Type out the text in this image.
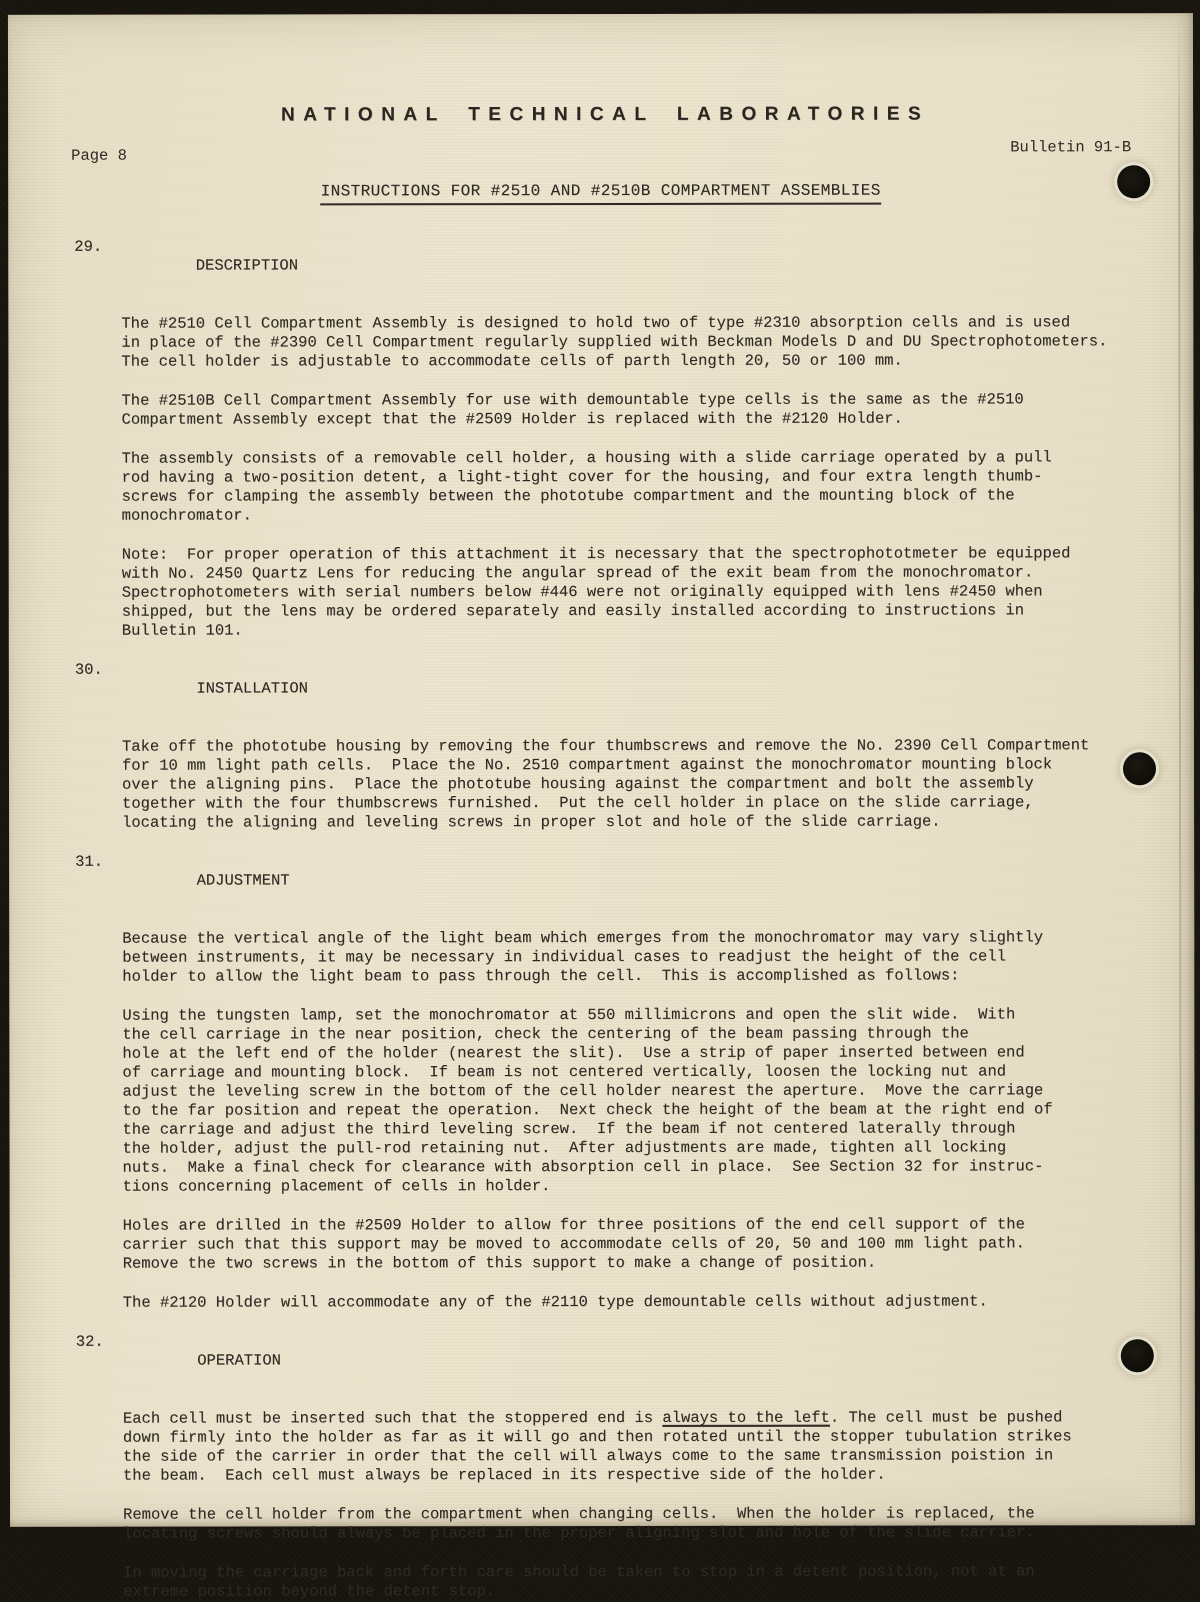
NATIONAL TECHNICAL LABORATORIES
Page 8	Bulletin 91-B
INSTRUCTIONS FOR #2510 AND #2510B COMPARTMENT ASSEMBLIES

29.
DESCRIPTION

The #2510 Cell Compartment Assembly is designed to hold two of type #2310 absorption cells and is used
in place of the #2390 Cell Compartment regularly supplied with Beckman Models D and DU Spectrophotometers.
The cell holder is adjustable to accommodate cells of parth length 20, 50 or 100 mm.

The #2510B Cell Compartment Assembly for use with demountable type cells is the same as the #2510
Compartment Assembly except that the #2509 Holder is replaced with the #2120 Holder.

The assembly consists of a removable cell holder, a housing with a slide carriage operated by a pull
rod having a two-position detent, a light-tight cover for the housing, and four extra length thumb-
screws for clamping the assembly between the phototube compartment and the mounting block of the
monochromator.

Note:  For proper operation of this attachment it is necessary that the spectrophototmeter be equipped
with No. 2450 Quartz Lens for reducing the angular spread of the exit beam from the monochromator.
Spectrophotometers with serial numbers below #446 were not originally equipped with lens #2450 when
shipped, but the lens may be ordered separately and easily installed according to instructions in
Bulletin 101.

30.
INSTALLATION

Take off the phototube housing by removing the four thumbscrews and remove the No. 2390 Cell Compartment
for 10 mm light path cells.  Place the No. 2510 compartment against the monochromator mounting block
over the aligning pins.  Place the phototube housing against the compartment and bolt the assembly
together with the four thumbscrews furnished.  Put the cell holder in place on the slide carriage,
locating the aligning and leveling screws in proper slot and hole of the slide carriage.

31.
ADJUSTMENT

Because the vertical angle of the light beam which emerges from the monochromator may vary slightly
between instruments, it may be necessary in individual cases to readjust the height of the cell
holder to allow the light beam to pass through the cell.  This is accomplished as follows:

Using the tungsten lamp, set the monochromator at 550 millimicrons and open the slit wide.  With
the cell carriage in the near position, check the centering of the beam passing through the
hole at the left end of the holder (nearest the slit).  Use a strip of paper inserted between end
of carriage and mounting block.  If beam is not centered vertically, loosen the locking nut and
adjust the leveling screw in the bottom of the cell holder nearest the aperture.  Move the carriage
to the far position and repeat the operation.  Next check the height of the beam at the right end of
the carriage and adjust the third leveling screw.  If the beam if not centered laterally through
the holder, adjust the pull-rod retaining nut.  After adjustments are made, tighten all locking
nuts.  Make a final check for clearance with absorption cell in place.  See Section 32 for instruc-
tions concerning placement of cells in holder.

Holes are drilled in the #2509 Holder to allow for three positions of the end cell support of the
carrier such that this support may be moved to accommodate cells of 20, 50 and 100 mm light path.
Remove the two screws in the bottom of this support to make a change of position.

The #2120 Holder will accommodate any of the #2110 type demountable cells without adjustment.

32.
OPERATION

Each cell must be inserted such that the stoppered end is always to the left. The cell must be pushed
down firmly into the holder as far as it will go and then rotated until the stopper tubulation strikes
the side of the carrier in order that the cell will always come to the same transmission poistion in
the beam.  Each cell must always be replaced in its respective side of the holder.

Remove the cell holder from the compartment when changing cells.  When the holder is replaced, the
locating screws should always be placed in the proper aligning slot and hole of the slide carrier.

In moving the carriage back and forth care should be taken to stop in a detent position, not at an
extreme position beyond the detent stop.
